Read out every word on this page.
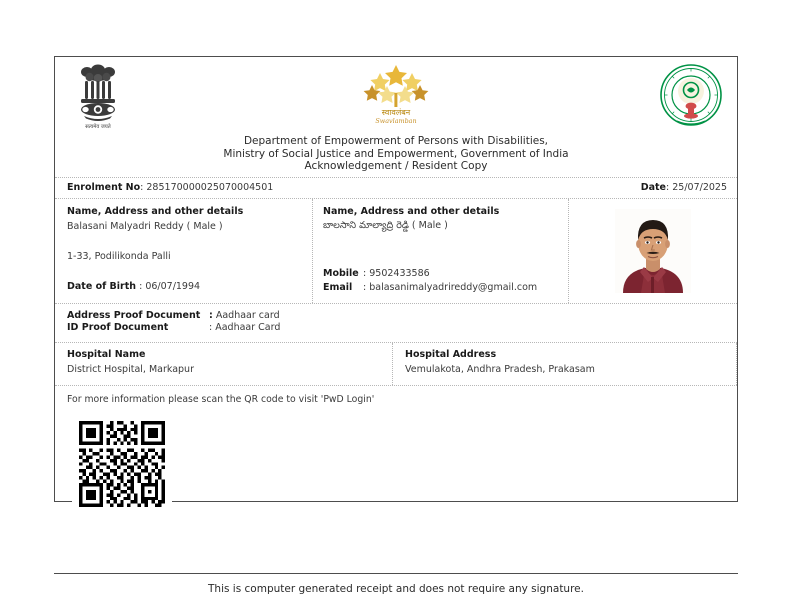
सत्यमेव जयते
स्वावलंबन
Swavlamban
Department of Empowerment of Persons with Disabilities,
Ministry of Social Justice and Empowerment, Government of India
Acknowledgement / Resident Copy
Enrolment No: 285170000025070004501	Date: 25/07/2025
Name, Address and other details
Balasani Malyadri Reddy ( Male )
1-33, Podilikonda Palli
Date of Birth : 06/07/1994
Name, Address and other details
బాలసాని మాల్యాద్రి రెడ్డి ( Male )
Mobile : 9502433586
Email : balasanimalyadrireddy@gmail.com
Address Proof Document : Aadhaar card
ID Proof Document	: Aadhaar Card
Hospital Name
District Hospital, Markapur
Hospital Address
Vemulakota, Andhra Pradesh, Prakasam
For more information please scan the QR code to visit 'PwD Login'
This is computer generated receipt and does not require any signature.
